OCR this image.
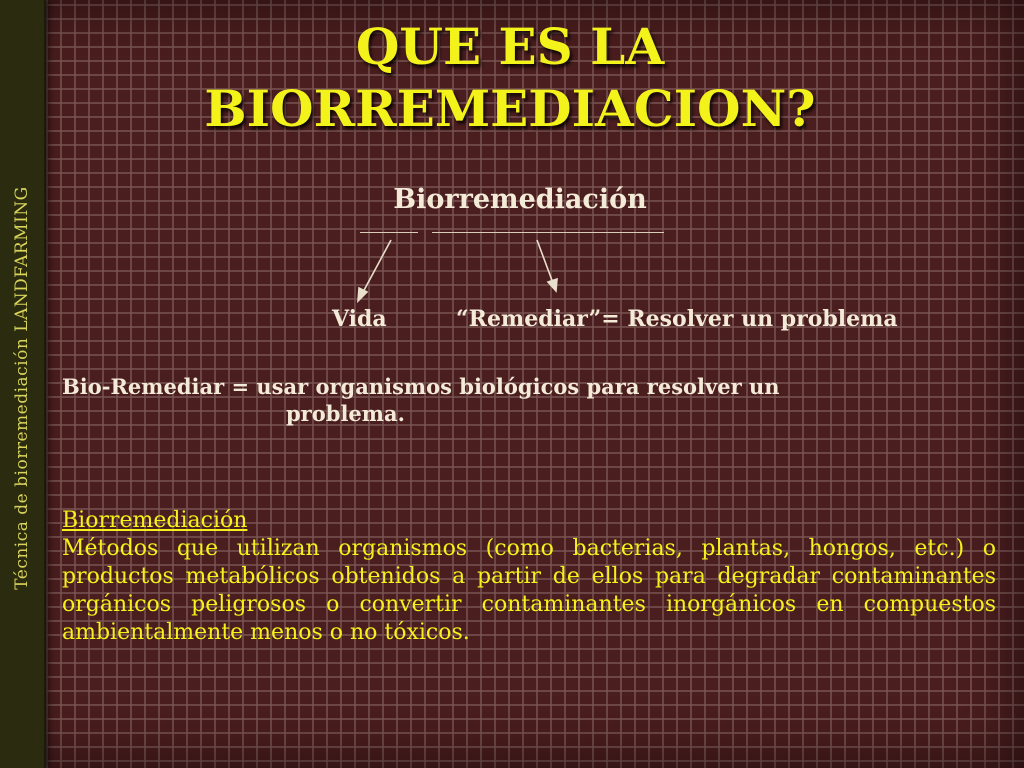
Técnica de biorremediación LANDFARMING
QUE ES LA
BIORREMEDIACION?
Biorremediación
Vida	“Remediar”= Resolver un problema
Bio-Remediar = usar organismos biológicos para resolver un
problema.
Biorremediación
Métodos que utilizan organismos (como bacterias, plantas, hongos, etc.) o productos metabólicos obtenidos a partir de ellos para degradar contaminantes orgánicos peligrosos o convertir contaminantes inorgánicos en compuestos ambientalmente menos o no tóxicos.
